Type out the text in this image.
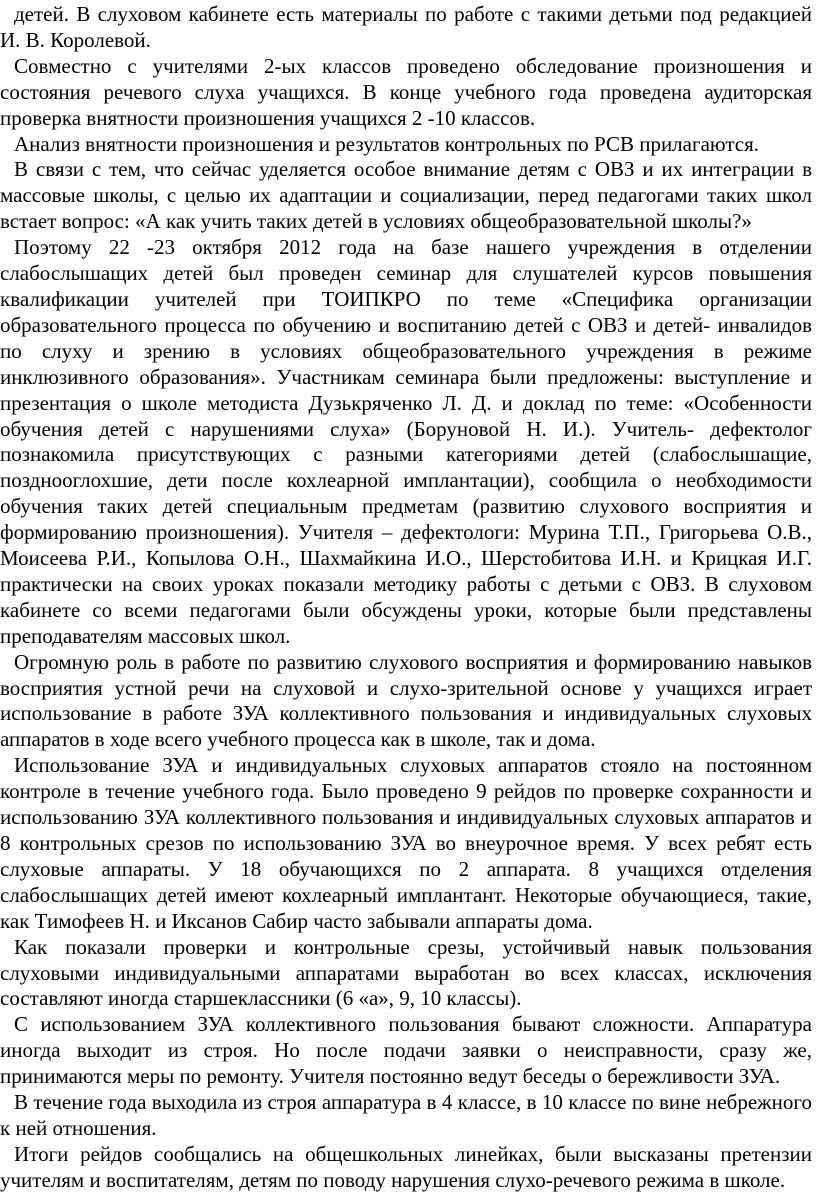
детей. В слуховом кабинете есть материалы по работе с такими детьми под редакцией И. В. Королевой.

Совместно с учителями 2-ых классов проведено обследование произношения и состояния речевого слуха учащихся. В конце учебного года проведена аудиторская проверка внятности произношения учащихся 2 -10 классов.

Анализ внятности произношения и результатов контрольных по РСВ прилагаются.

В связи с тем, что сейчас уделяется особое внимание детям с ОВЗ и их интеграции в массовые школы, с целью их адаптации и социализации, перед педагогами таких школ встает вопрос: «А как учить таких детей в условиях общеобразовательной школы?»

Поэтому 22 -23 октября 2012 года на базе нашего учреждения в отделении слабослышащих детей был проведен семинар для слушателей курсов повышения квалификации учителей при ТОИПКРО по теме «Специфика организации образовательного процесса по обучению и воспитанию детей с ОВЗ и детей- инвалидов по слуху и зрению в условиях общеобразовательного учреждения в режиме инклюзивного образования». Участникам семинара были предложены: выступление и презентация о школе методиста Дузькрячeнко Л. Д. и доклад по теме: «Особенности обучения детей с нарушениями слуха» (Боруновой Н. И.). Учитель- дефектолог познакомила присутствующих с разными категориями детей (слабослышащие, позднооглохшие, дети после кохлеарной имплантации), сообщила о необходимости обучения таких детей специальным предметам (развитию слухового восприятия и формированию произношения). Учителя – дефектологи: Мурина Т.П., Григорьева О.В., Моисеева Р.И., Копылова О.Н., Шахмайкина И.О., Шерстобитова И.Н. и Крицкая И.Г. практически на своих уроках показали методику работы с детьми с ОВЗ. В слуховом кабинете со всеми педагогами были обсуждены уроки, которые были представлены преподавателям массовых школ.

Огромную роль в работе по развитию слухового восприятия и формированию навыков восприятия устной речи на слуховой и слухо-зрительной основе у учащихся играет использование в работе ЗУА коллективного пользования и индивидуальных слуховых аппаратов в ходе всего учебного процесса как в школе, так и дома.

Использование ЗУА и индивидуальных слуховых аппаратов стояло на постоянном контроле в течение учебного года. Было проведено 9 рейдов по проверке сохранности и использованию ЗУА коллективного пользования и индивидуальных слуховых аппаратов и 8 контрольных срезов по использованию ЗУА во внеурочное время. У всех ребят есть слуховые аппараты. У 18 обучающихся по 2 аппарата. 8 учащихся отделения слабослышащих детей имеют кохлеарный имплантант. Некоторые обучающиеся, такие, как Тимофеев Н. и Иксанов Сабир часто забывали аппараты дома.

Как показали проверки и контрольные срезы, устойчивый навык пользования слуховыми индивидуальными аппаратами выработан во всех классах, исключения составляют иногда старшеклассники (6 «а», 9, 10 классы).

С использованием ЗУА коллективного пользования бывают сложности. Аппаратура иногда выходит из строя. Но после подачи заявки о неисправности, сразу же, принимаются меры по ремонту. Учителя постоянно ведут беседы о бережливости ЗУА.

В течение года выходила из строя аппаратура в 4 классе, в 10 классе по вине небрежного к ней отношения.

Итоги рейдов сообщались на общешкольных линейках, были высказаны претензии учителям и воспитателям, детям по поводу нарушения слухо-речевого режима в школе.
